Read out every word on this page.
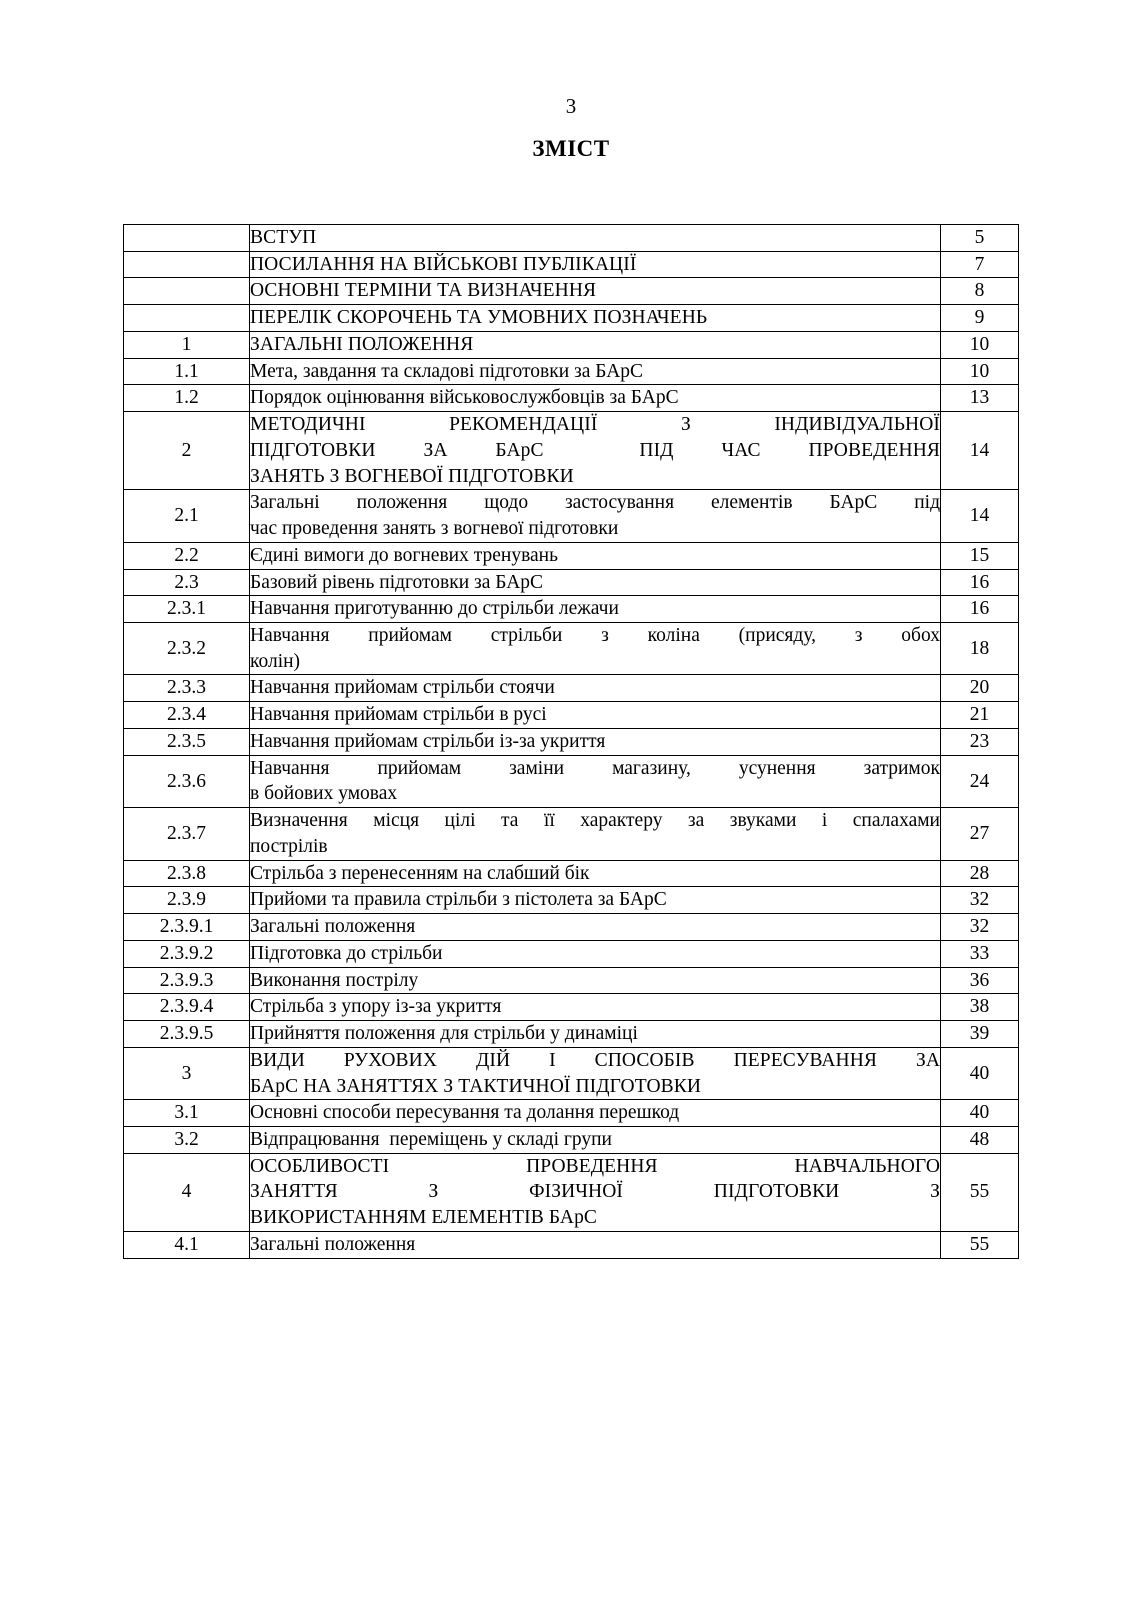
3
ЗМІСТ

	ВСТУП	5

	ПОСИЛАННЯ НА ВІЙСЬКОВІ ПУБЛІКАЦІЇ	7

	ОСНОВНІ ТЕРМІНИ ТА ВИЗНАЧЕННЯ	8

	ПЕРЕЛІК СКОРОЧЕНЬ ТА УМОВНИХ ПОЗНАЧЕНЬ	9
1	ЗАГАЛЬНІ ПОЛОЖЕННЯ	10
1.1	Мета, завдання та складові підготовки за БАрС	10
1.2	Порядок оцінювання військовослужбовців за БАрС	13
2	МЕТОДИЧНІ РЕКОМЕНДАЦІЇ З ІНДИВІДУАЛЬНОЇ
ПІДГОТОВКИ ЗА БАрС  ПІД ЧАС ПРОВЕДЕННЯ
ЗАНЯТЬ З ВОГНЕВОЇ ПІДГОТОВКИ	14
2.1	Загальні положення щодо застосування елементів БАрС під
час проведення занять з вогневої підготовки	14
2.2	Єдині вимоги до вогневих тренувань	15
2.3	Базовий рівень підготовки за БАрС	16
2.3.1	Навчання приготуванню до стрільби лежачи	16
2.3.2	Навчання прийомам стрільби з коліна (присяду, з обох
колін)	18
2.3.3	Навчання прийомам стрільби стоячи	20
2.3.4	Навчання прийомам стрільби в русі	21
2.3.5	Навчання прийомам стрільби із-за укриття	23
2.3.6	Навчання прийомам заміни магазину, усунення затримок
в бойових умовах	24
2.3.7	Визначення місця цілі та її характеру за звуками і спалахами
пострілів	27
2.3.8	Стрільба з перенесенням на слабший бік	28
2.3.9	Прийоми та правила стрільби з пістолета за БАрС	32
2.3.9.1	Загальні положення	32
2.3.9.2	Підготовка до стрільби	33
2.3.9.3	Виконання пострілу	36
2.3.9.4	Стрільба з упору із-за укриття	38
2.3.9.5	Прийняття положення для стрільби у динаміці	39
3	ВИДИ РУХОВИХ ДІЙ І СПОСОБІВ ПЕРЕСУВАННЯ ЗА
БАрС НА ЗАНЯТТЯХ З ТАКТИЧНОЇ ПІДГОТОВКИ	40
3.1	Основні способи пересування та долання перешкод	40
3.2	Відпрацювання  переміщень у складі групи	48
4	ОСОБЛИВОСТІ ПРОВЕДЕННЯ НАВЧАЛЬНОГО
ЗАНЯТТЯ З ФІЗИЧНОЇ ПІДГОТОВКИ З
ВИКОРИСТАННЯМ ЕЛЕМЕНТІВ БАрС	55
4.1	Загальні положення	55
